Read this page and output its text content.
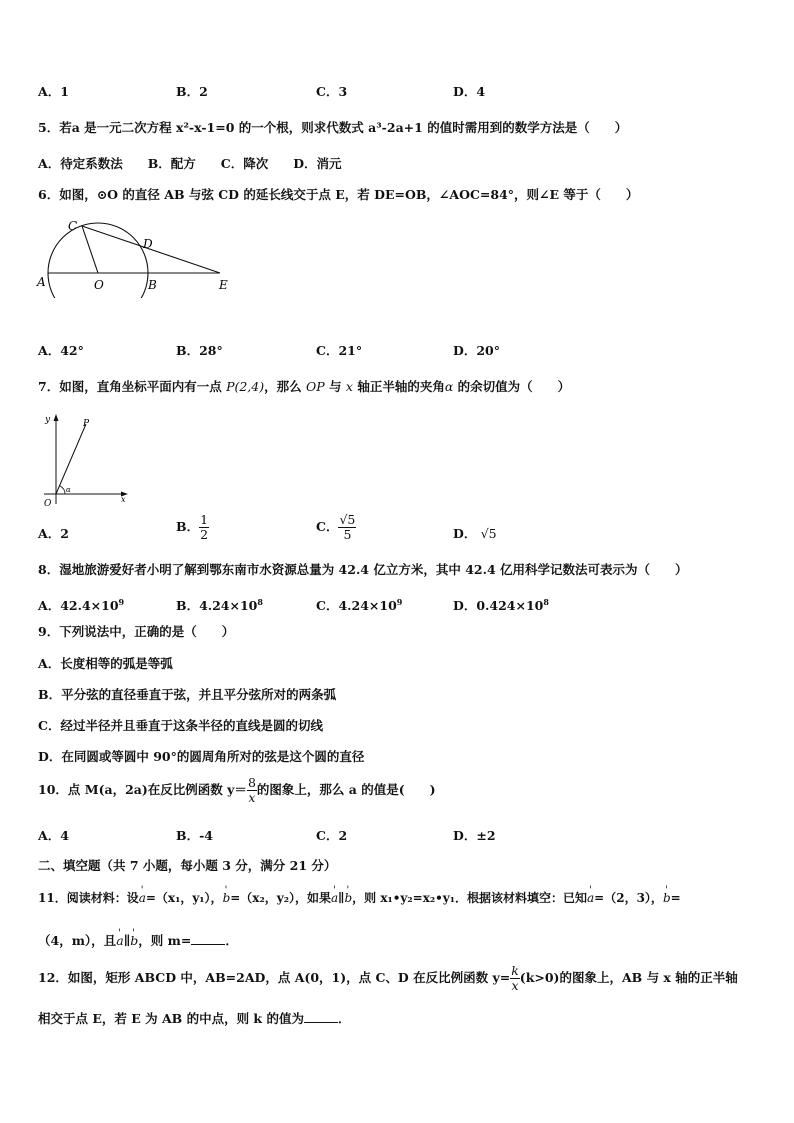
A．1	B．2	C．3	D．4
5．若a 是一元二次方程 x²-x-1=0 的一个根，则求代数式 a³-2a+1 的值时需用到的数学方法是（　　）
A．待定系数法　　B．配方　　C．降次　　D．消元
6．如图，⊙O 的直径 AB 与弦 CD 的延长线交于点 E，若 DE=OB，∠AOC=84°，则∠E 等于（　　）
A	O	B	E
C
D
A．42°	B．28°	C．21°	D．20°
7．如图，直角坐标平面内有一点 P(2,4)，那么 OP 与 x 轴正半轴的夹角α 的余切值为（　　）
y	P
O	x
α
A．2	B． $\frac{1}{2}$	C． $\frac{√5}{5}$	D． √5
8．湿地旅游爱好者小明了解到鄂东南市水资源总量为 42.4 亿立方米，其中 42.4 亿用科学记数法可表示为（　　）
A．$42.4\times 10^9$	B．$4.24\times 10^8$	C．$4.24\times 10^9$	D．$0.424\times 10^8$
9．下列说法中，正确的是（　　）
A．长度相等的弧是等弧
B．平分弦的直径垂直于弦，并且平分弦所对的两条弧
C．经过半径并且垂直于这条半径的直线是圆的切线
D．在同圆或等圆中 90°的圆周角所对的弦是这个圆的直径
10．点 M(a，2a)在反比例函数 $y= \frac{8}{x}$ 的图象上，那么 a 的值是(　　)
A．4	B．-4	C．2	D．±2
二、填空题（共 7 小题，每小题 3 分，满分 21 分）
11．阅读材料：设' a=（x₁，y₁），' b=（x₂，y₂），如果' a∥' b，则 x₁•y₂=x₂•y₁．根据该材料填空：已知' a=（2，3），' b=
（4，m），且' a∥' b，则 m=	．
12．如图，矩形 ABCD 中，AB=2AD，点 A(0，1)，点 C、D 在反比例函数 $y= \frac{k}{x} (k>0)$的图象上，AB 与 x 轴的正半轴
相交于点 E，若 E 为 AB 的中点，则 k 的值为	．
